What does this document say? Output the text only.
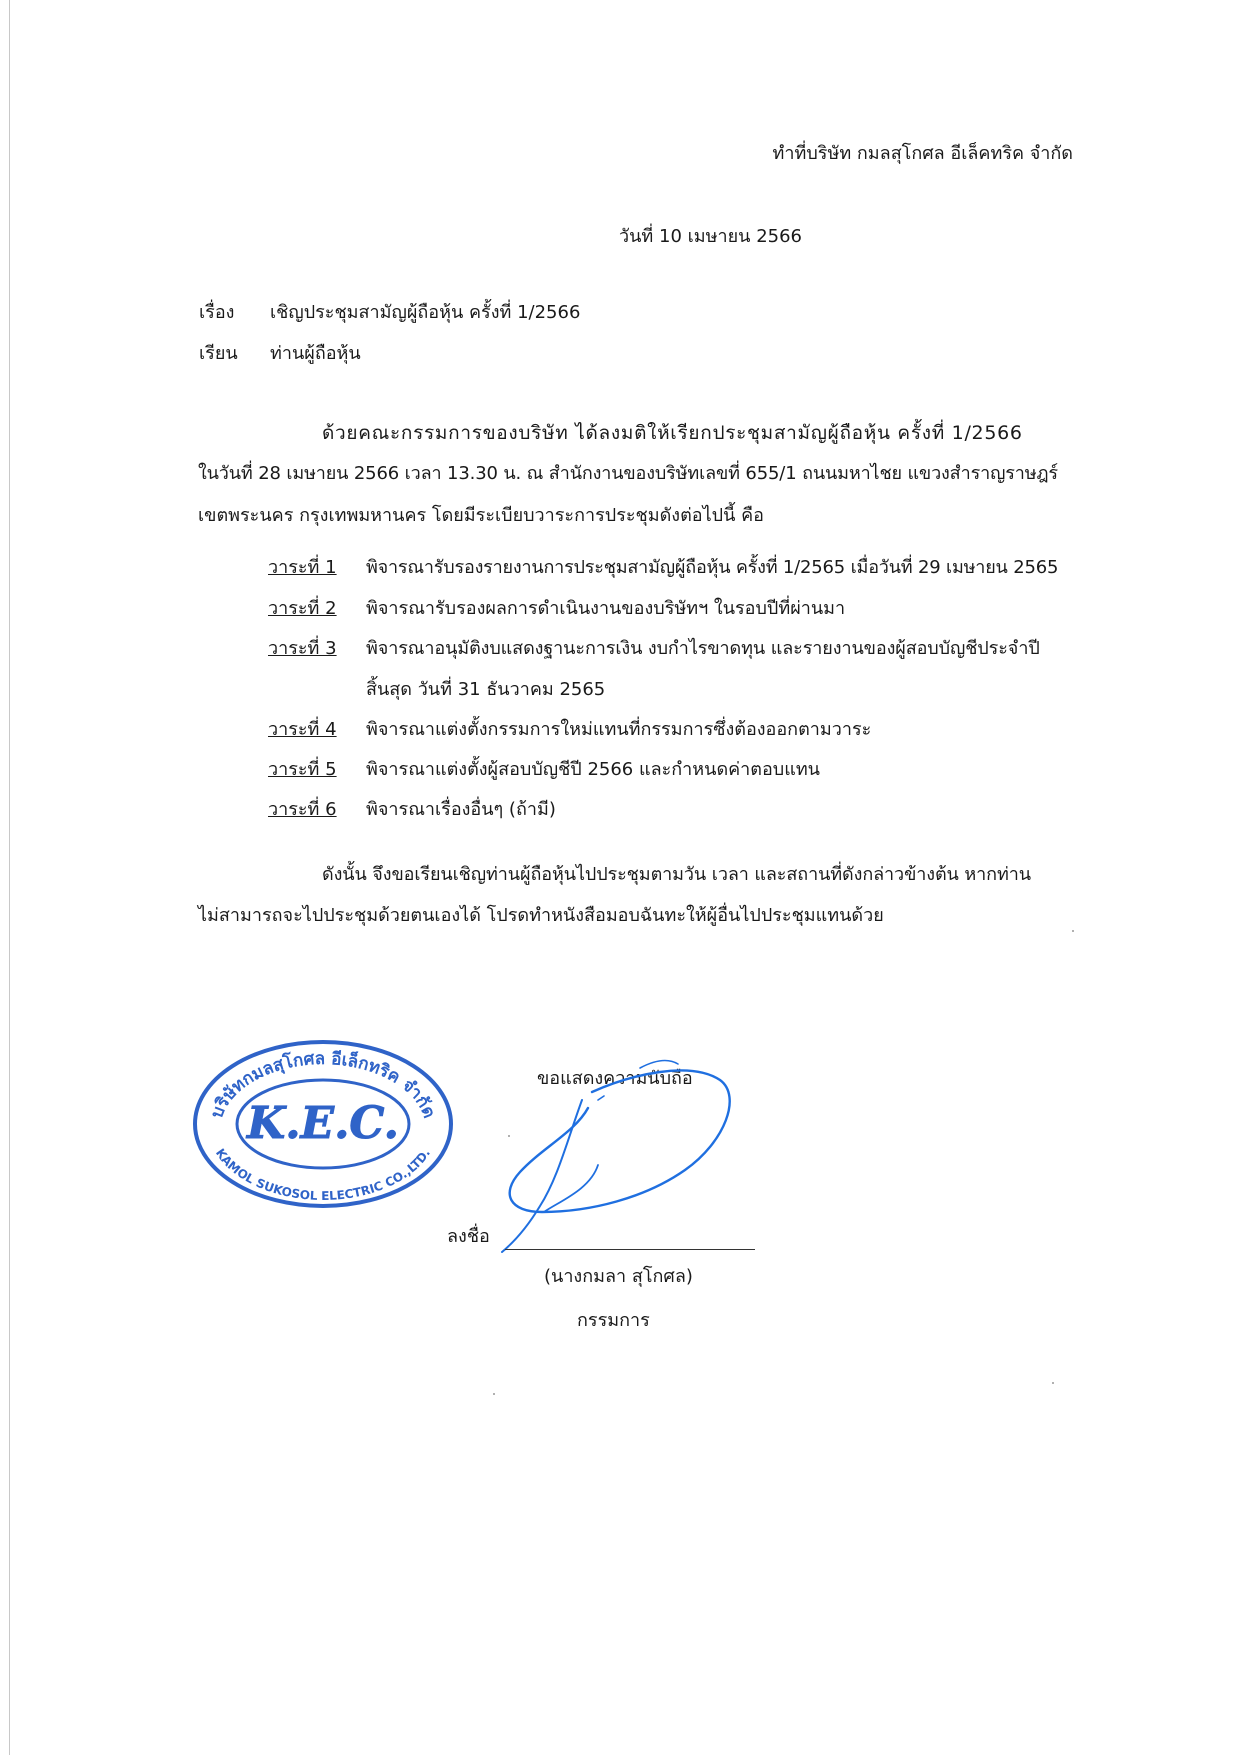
ทำที่บริษัท กมลสุโกศล อีเล็คทริค จำกัด
วันที่ 10 เมษายน 2566
เรื่อง เชิญประชุมสามัญผู้ถือหุ้น ครั้งที่ 1/2566
เรียน ท่านผู้ถือหุ้น
ด้วยคณะกรรมการของบริษัท ได้ลงมติให้เรียกประชุมสามัญผู้ถือหุ้น ครั้งที่ 1/2566
ในวันที่ 28 เมษายน 2566 เวลา 13.30 น. ณ สำนักงานของบริษัทเลขที่ 655/1 ถนนมหาไชย แขวงสำราญราษฎร์
เขตพระนคร กรุงเทพมหานคร โดยมีระเบียบวาระการประชุมดังต่อไปนี้ คือ
วาระที่ 1 พิจารณารับรองรายงานการประชุมสามัญผู้ถือหุ้น ครั้งที่ 1/2565 เมื่อวันที่ 29 เมษายน 2565
วาระที่ 2 พิจารณารับรองผลการดำเนินงานของบริษัทฯ ในรอบปีที่ผ่านมา
วาระที่ 3 พิจารณาอนุมัติงบแสดงฐานะการเงิน งบกำไรขาดทุน และรายงานของผู้สอบบัญชีประจำปี
สิ้นสุด วันที่ 31 ธันวาคม 2565
วาระที่ 4 พิจารณาแต่งตั้งกรรมการใหม่แทนที่กรรมการซึ่งต้องออกตามวาระ
วาระที่ 5 พิจารณาแต่งตั้งผู้สอบบัญชีปี 2566 และกำหนดค่าตอบแทน
วาระที่ 6 พิจารณาเรื่องอื่นๆ (ถ้ามี)
ดังนั้น จึงขอเรียนเชิญท่านผู้ถือหุ้นไปประชุมตามวัน เวลา และสถานที่ดังกล่าวข้างต้น หากท่าน
ไม่สามารถจะไปประชุมด้วยตนเองได้ โปรดทำหนังสือมอบฉันทะให้ผู้อื่นไปประชุมแทนด้วย
บริษัทกมลสุโกศล อีเล็กทริค จำกัด
K.E.C.
KAMOL SUKOSOL ELECTRIC CO.,LTD.
ขอแสดงความนับถือ
ลงชื่อ
(นางกมลา สุโกศล)
กรรมการ
